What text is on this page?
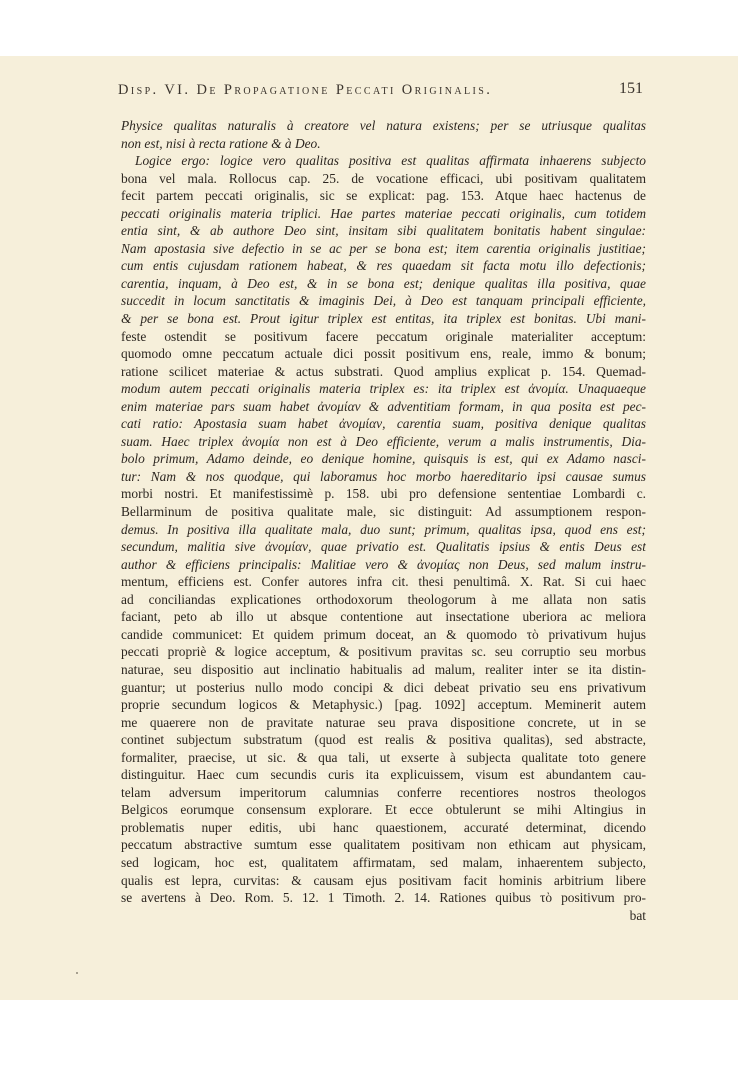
Disp. VI. De Propagatione Peccati Originalis.	151
Physice qualitas naturalis à creatore vel natura existens; per se utriusque qualitas
non est, nisi à recta ratione & à Deo.
Logice ergo: logice vero qualitas positiva est qualitas affirmata inhaerens subjecto
bona vel mala. Rollocus cap. 25. de vocatione efficaci, ubi positivam qualitatem
fecit partem peccati originalis, sic se explicat: pag. 153. Atque haec hactenus de
peccati originalis materia triplici. Hae partes materiae peccati originalis, cum totidem
entia sint, & ab authore Deo sint, insitam sibi qualitatem bonitatis habent singulae:
Nam apostasia sive defectio in se ac per se bona est; item carentia originalis justitiae;
cum entis cujusdam rationem habeat, & res quaedam sit facta motu illo defectionis;
carentia, inquam, à Deo est, & in se bona est; denique qualitas illa positiva, quae
succedit in locum sanctitatis & imaginis Dei, à Deo est tanquam principali efficiente,
& per se bona est. Prout igitur triplex est entitas, ita triplex est bonitas. Ubi mani-
feste ostendit se positivum facere peccatum originale materialiter acceptum:
quomodo omne peccatum actuale dici possit positivum ens, reale, immo & bonum;
ratione scilicet materiae & actus substrati. Quod amplius explicat p. 154. Quemad-
modum autem peccati originalis materia triplex es: ita triplex est ἀνομία. Unaquaeque
enim materiae pars suam habet ἀνομίαν & adventitiam formam, in qua posita est pec-
cati ratio: Apostasia suam habet ἀνομίαν, carentia suam, positiva denique qualitas
suam. Haec triplex ἀνομία non est à Deo efficiente, verum a malis instrumentis, Dia-
bolo primum, Adamo deinde, eo denique homine, quisquis is est, qui ex Adamo nasci-
tur: Nam & nos quodque, qui laboramus hoc morbo haereditario ipsi causae sumus
morbi nostri. Et manifestissimè p. 158. ubi pro defensione sententiae Lombardi c.
Bellarminum de positiva qualitate male, sic distinguit: Ad assumptionem respon-
demus. In positiva illa qualitate mala, duo sunt; primum, qualitas ipsa, quod ens est;
secundum, malitia sive ἀνομίαν, quae privatio est. Qualitatis ipsius & entis Deus est
author & efficiens principalis: Malitiae vero & ἀνομίας non Deus, sed malum instru-
mentum, efficiens est. Confer autores infra cit. thesi penultimâ. X. Rat. Si cui haec
ad conciliandas explicationes orthodoxorum theologorum à me allata non satis
faciant, peto ab illo ut absque contentione aut insectatione uberiora ac meliora
candide communicet: Et quidem primum doceat, an & quomodo τὸ privativum hujus
peccati propriè & logice acceptum, & positivum pravitas sc. seu corruptio seu morbus
naturae, seu dispositio aut inclinatio habitualis ad malum, realiter inter se ita distin-
guantur; ut posterius nullo modo concipi & dici debeat privatio seu ens privativum
proprie secundum logicos & Metaphysic.) [pag. 1092] acceptum. Meminerit autem
me quaerere non de pravitate naturae seu prava dispositione concrete, ut in se
continet subjectum substratum (quod est realis & positiva qualitas), sed abstracte,
formaliter, praecise, ut sic. & qua tali, ut exserte à subjecta qualitate toto genere
distinguitur. Haec cum secundis curis ita explicuissem, visum est abundantem cau-
telam adversum imperitorum calumnias conferre recentiores nostros theologos
Belgicos eorumque consensum explorare. Et ecce obtulerunt se mihi Altingius in
problematis nuper editis, ubi hanc quaestionem, accuraté determinat, dicendo
peccatum abstractive sumtum esse qualitatem positivam non ethicam aut physicam,
sed logicam, hoc est, qualitatem affirmatam, sed malam, inhaerentem subjecto,
qualis est lepra, curvitas: & causam ejus positivam facit hominis arbitrium libere
se avertens à Deo. Rom. 5. 12. 1 Timoth. 2. 14. Rationes quibus τὸ positivum pro-
bat
